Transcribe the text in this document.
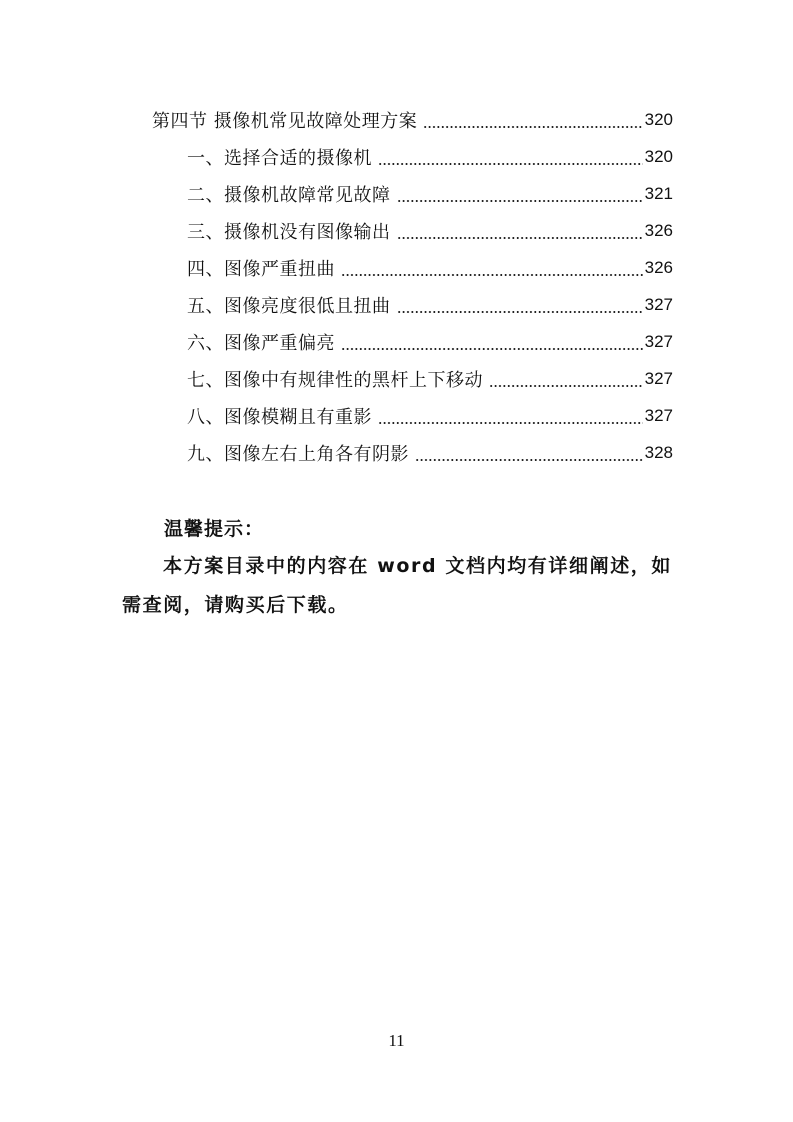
第四节 摄像机常见故障处理方案	320
一、选择合适的摄像机	320
二、摄像机故障常见故障	321
三、摄像机没有图像输出	326
四、图像严重扭曲	326
五、图像亮度很低且扭曲	327
六、图像严重偏亮	327
七、图像中有规律性的黑杆上下移动	327
八、图像模糊且有重影	327
九、图像左右上角各有阴影	328
温馨提示：
本方案目录中的内容在 word 文档内均有详细阐述，如需查阅，请购买后下载。
11
